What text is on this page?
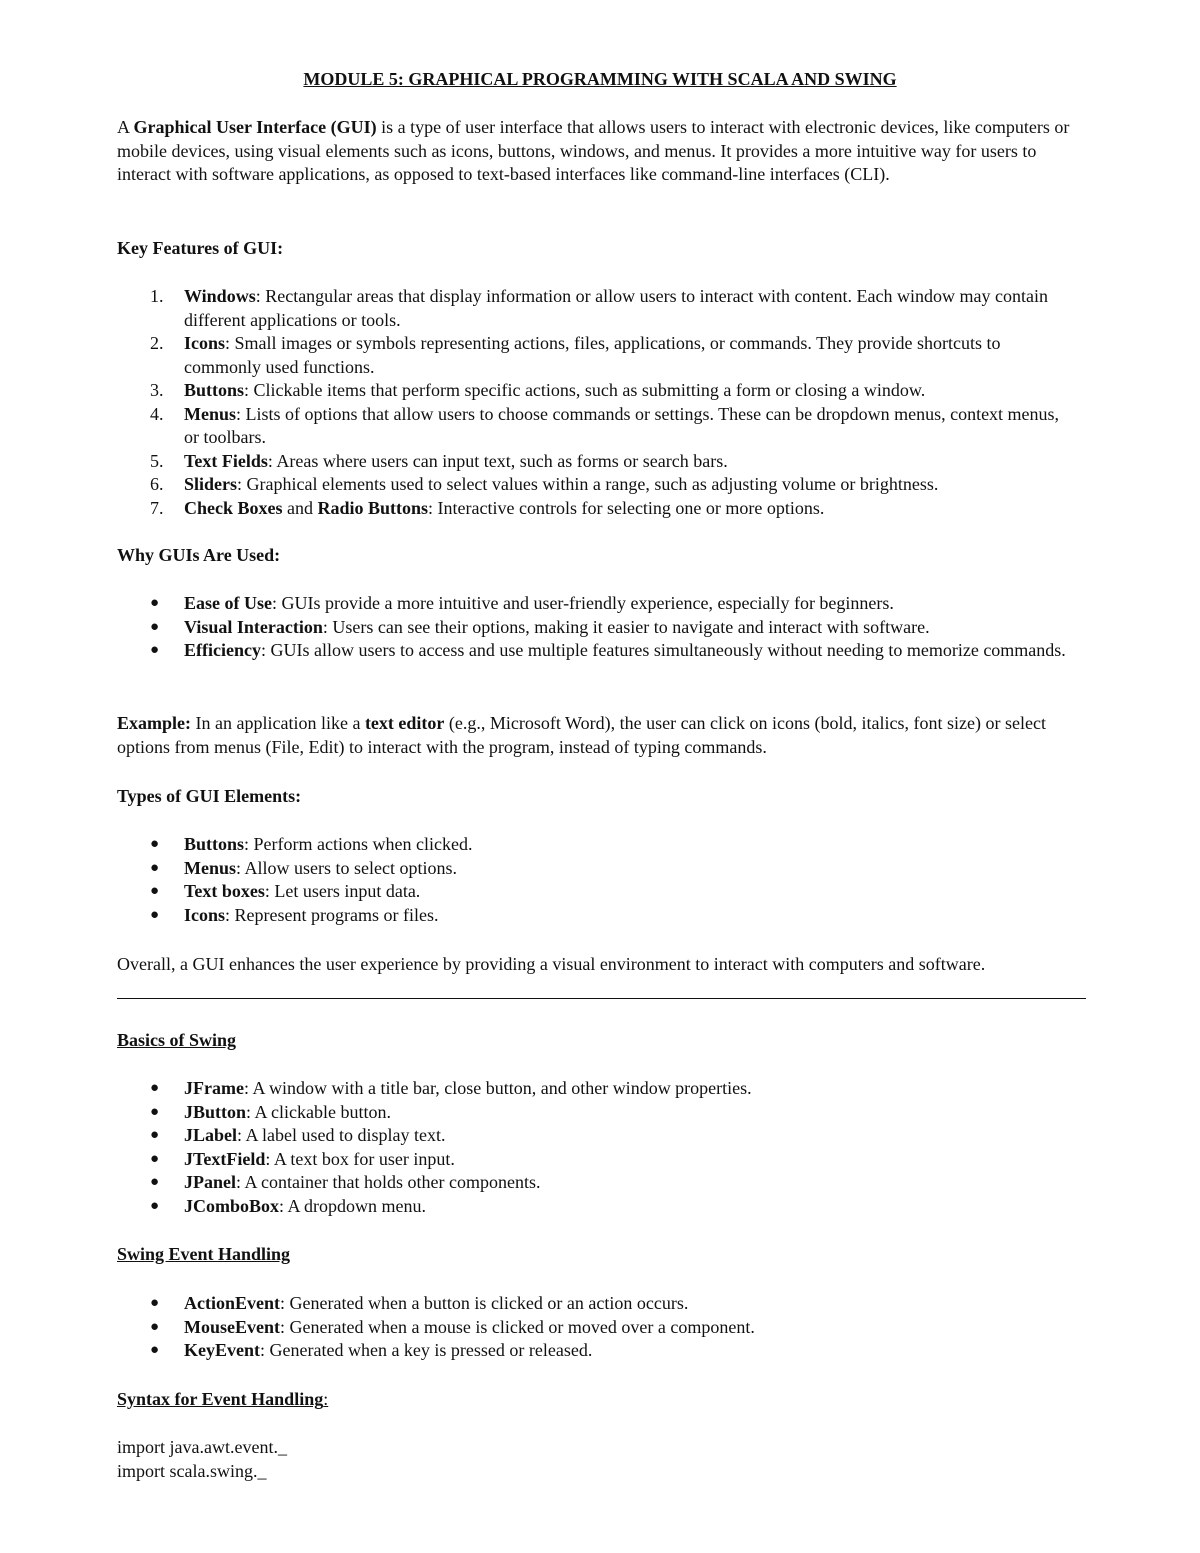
MODULE 5: GRAPHICAL PROGRAMMING WITH SCALA AND SWING

A Graphical User Interface (GUI) is a type of user interface that allows users to interact with electronic devices, like computers or mobile devices, using visual elements such as icons, buttons, windows, and menus. It provides a more intuitive way for users to interact with software applications, as opposed to text-based interfaces like command-line interfaces (CLI).

Key Features of GUI:
1. Windows: Rectangular areas that display information or allow users to interact with content. Each window may contain different applications or tools.
2. Icons: Small images or symbols representing actions, files, applications, or commands. They provide shortcuts to commonly used functions.
3. Buttons: Clickable items that perform specific actions, such as submitting a form or closing a window.
4. Menus: Lists of options that allow users to choose commands or settings. These can be dropdown menus, context menus, or toolbars.
5. Text Fields: Areas where users can input text, such as forms or search bars.
6. Sliders: Graphical elements used to select values within a range, such as adjusting volume or brightness.
7. Check Boxes and Radio Buttons: Interactive controls for selecting one or more options.
Why GUIs Are Used:
● Ease of Use: GUIs provide a more intuitive and user-friendly experience, especially for beginners.
● Visual Interaction: Users can see their options, making it easier to navigate and interact with software.
● Efficiency: GUIs allow users to access and use multiple features simultaneously without needing to memorize commands.

Example: In an application like a text editor (e.g., Microsoft Word), the user can click on icons (bold, italics, font size) or select options from menus (File, Edit) to interact with the program, instead of typing commands.

Types of GUI Elements:
● Buttons: Perform actions when clicked.
● Menus: Allow users to select options.
● Text boxes: Let users input data.
● Icons: Represent programs or files.

Overall, a GUI enhances the user experience by providing a visual environment to interact with computers and software.

Basics of Swing
● JFrame: A window with a title bar, close button, and other window properties.
● JButton: A clickable button.
● JLabel: A label used to display text.
● JTextField: A text box for user input.
● JPanel: A container that holds other components.
● JComboBox: A dropdown menu.
Swing Event Handling
● ActionEvent: Generated when a button is clicked or an action occurs.
● MouseEvent: Generated when a mouse is clicked or moved over a component.
● KeyEvent: Generated when a key is pressed or released.
Syntax for Event Handling:
import java.awt.event._
import scala.swing._
